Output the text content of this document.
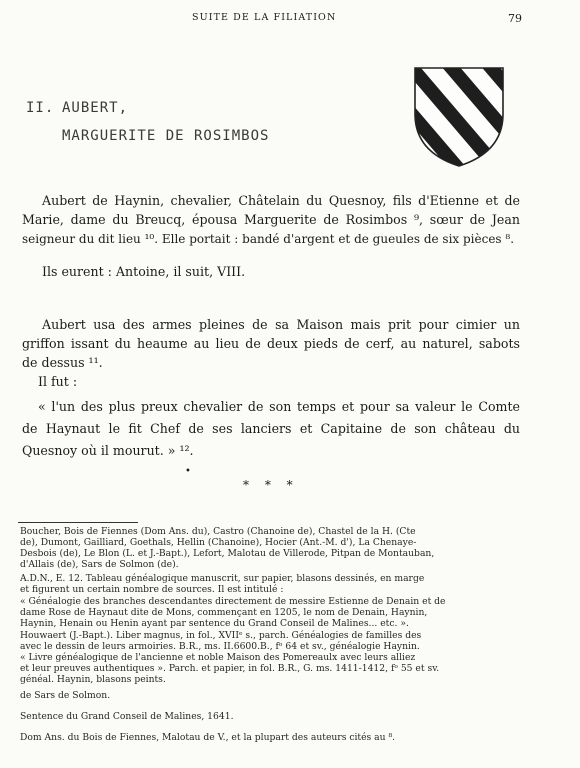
SUITE DE LA FILIATION	79
II. AUBERT,
MARGUERITE DE ROSIMBOS
Aubert de Haynin, chevalier, Châtelain du Quesnoy, fils d'Etienne et de
Marie, dame du Breucq, épousa Marguerite de Rosimbos ⁹, sœur de Jean
seigneur du dit lieu ¹⁰. Elle portait : bandé d'argent et de gueules de six pièces ⁸.
Ils eurent : Antoine, il suit, VIII.
Aubert usa des armes pleines de sa Maison mais prit pour cimier un
griffon issant du heaume au lieu de deux pieds de cerf, au naturel, sabots
de dessus ¹¹.
Il fut :
« l'un des plus preux chevalier de son temps et pour sa valeur le Comte
de Haynaut le fit Chef de ses lanciers et Capitaine de son château du
Quesnoy où il mourut. » ¹².
•
* * *
Boucher, Bois de Fiennes (Dom Ans. du), Castro (Chanoine de), Chastel de la H. (Cte
de), Dumont, Gailliard, Goethals, Hellin (Chanoine), Hocier (Ant.-M. d'), La Chenaye-
Desbois (de), Le Blon (L. et J.-Bapt.), Lefort, Malotau de Villerode, Pitpan de Montauban,
d'Allais (de), Sars de Solmon (de).
A.D.N., E. 12. Tableau généalogique manuscrit, sur papier, blasons dessinés, en marge
et figurent un certain nombre de sources. Il est intitulé :
« Généalogie des branches descendantes directement de messire Estienne de Denain et de
dame Rose de Haynaut dite de Mons, commençant en 1205, le nom de Denain, Haynin,
Haynin, Henain ou Henin ayant par sentence du Grand Conseil de Malines... etc. ».
Houwaert (J.-Bapt.). Liber magnus, in fol., XVIIᵉ s., parch. Généalogies de familles des
avec le dessin de leurs armoiries. B.R., ms. II.6600.B., fᵒ 64 et sv., généalogie Haynin.
« Livre généalogique de l'ancienne et noble Maison des Pomereaulx avec leurs alliez
et leur preuves authentiques ». Parch. et papier, in fol. B.R., G. ms. 1411-1412, fᵒ 55 et sv.
généal. Haynin, blasons peints.
de Sars de Solmon.
Sentence du Grand Conseil de Malines, 1641.
Dom Ans. du Bois de Fiennes, Malotau de V., et la plupart des auteurs cités au ⁸.
